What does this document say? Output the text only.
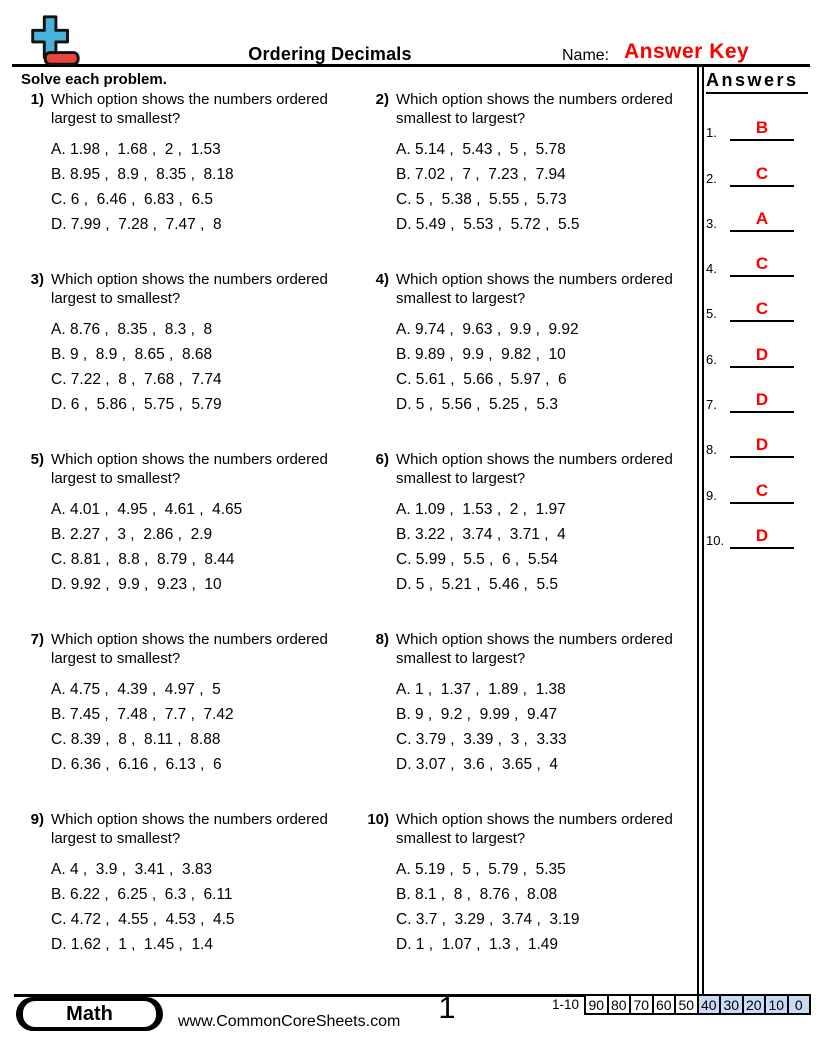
Ordering Decimals	Name: Answer Key
Solve each problem.
1) Which option shows the numbers ordered largest to smallest?
A. 1.98 ,  1.68 ,  2 ,  1.53
B. 8.95 ,  8.9 ,  8.35 ,  8.18
C. 6 ,  6.46 ,  6.83 ,  6.5
D. 7.99 ,  7.28 ,  7.47 ,  8
2) Which option shows the numbers ordered smallest to largest?
A. 5.14 ,  5.43 ,  5 ,  5.78
B. 7.02 ,  7 ,  7.23 ,  7.94
C. 5 ,  5.38 ,  5.55 ,  5.73
D. 5.49 ,  5.53 ,  5.72 ,  5.5
3) Which option shows the numbers ordered largest to smallest?
A. 8.76 ,  8.35 ,  8.3 ,  8
B. 9 ,  8.9 ,  8.65 ,  8.68
C. 7.22 ,  8 ,  7.68 ,  7.74
D. 6 ,  5.86 ,  5.75 ,  5.79
4) Which option shows the numbers ordered smallest to largest?
A. 9.74 ,  9.63 ,  9.9 ,  9.92
B. 9.89 ,  9.9 ,  9.82 ,  10
C. 5.61 ,  5.66 ,  5.97 ,  6
D. 5 ,  5.56 ,  5.25 ,  5.3
5) Which option shows the numbers ordered largest to smallest?
A. 4.01 ,  4.95 ,  4.61 ,  4.65
B. 2.27 ,  3 ,  2.86 ,  2.9
C. 8.81 ,  8.8 ,  8.79 ,  8.44
D. 9.92 ,  9.9 ,  9.23 ,  10
6) Which option shows the numbers ordered smallest to largest?
A. 1.09 ,  1.53 ,  2 ,  1.97
B. 3.22 ,  3.74 ,  3.71 ,  4
C. 5.99 ,  5.5 ,  6 ,  5.54
D. 5 ,  5.21 ,  5.46 ,  5.5
7) Which option shows the numbers ordered largest to smallest?
A. 4.75 ,  4.39 ,  4.97 ,  5
B. 7.45 ,  7.48 ,  7.7 ,  7.42
C. 8.39 ,  8 ,  8.11 ,  8.88
D. 6.36 ,  6.16 ,  6.13 ,  6
8) Which option shows the numbers ordered smallest to largest?
A. 1 ,  1.37 ,  1.89 ,  1.38
B. 9 ,  9.2 ,  9.99 ,  9.47
C. 3.79 ,  3.39 ,  3 ,  3.33
D. 3.07 ,  3.6 ,  3.65 ,  4
9) Which option shows the numbers ordered largest to smallest?
A. 4 ,  3.9 ,  3.41 ,  3.83
B. 6.22 ,  6.25 ,  6.3 ,  6.11
C. 4.72 ,  4.55 ,  4.53 ,  4.5
D. 1.62 ,  1 ,  1.45 ,  1.4
10) Which option shows the numbers ordered smallest to largest?
A. 5.19 ,  5 ,  5.79 ,  5.35
B. 8.1 ,  8 ,  8.76 ,  8.08
C. 3.7 ,  3.29 ,  3.74 ,  3.19
D. 1 ,  1.07 ,  1.3 ,  1.49
Answers
1.	B
2.	C
3.	A
4.	C
5.	C
6.	D
7.	D
8.	D
9.	C
10.	D
Math	www.CommonCoreSheets.com	1	1-10 90 80 70 60 50 40 30 20 10 0
